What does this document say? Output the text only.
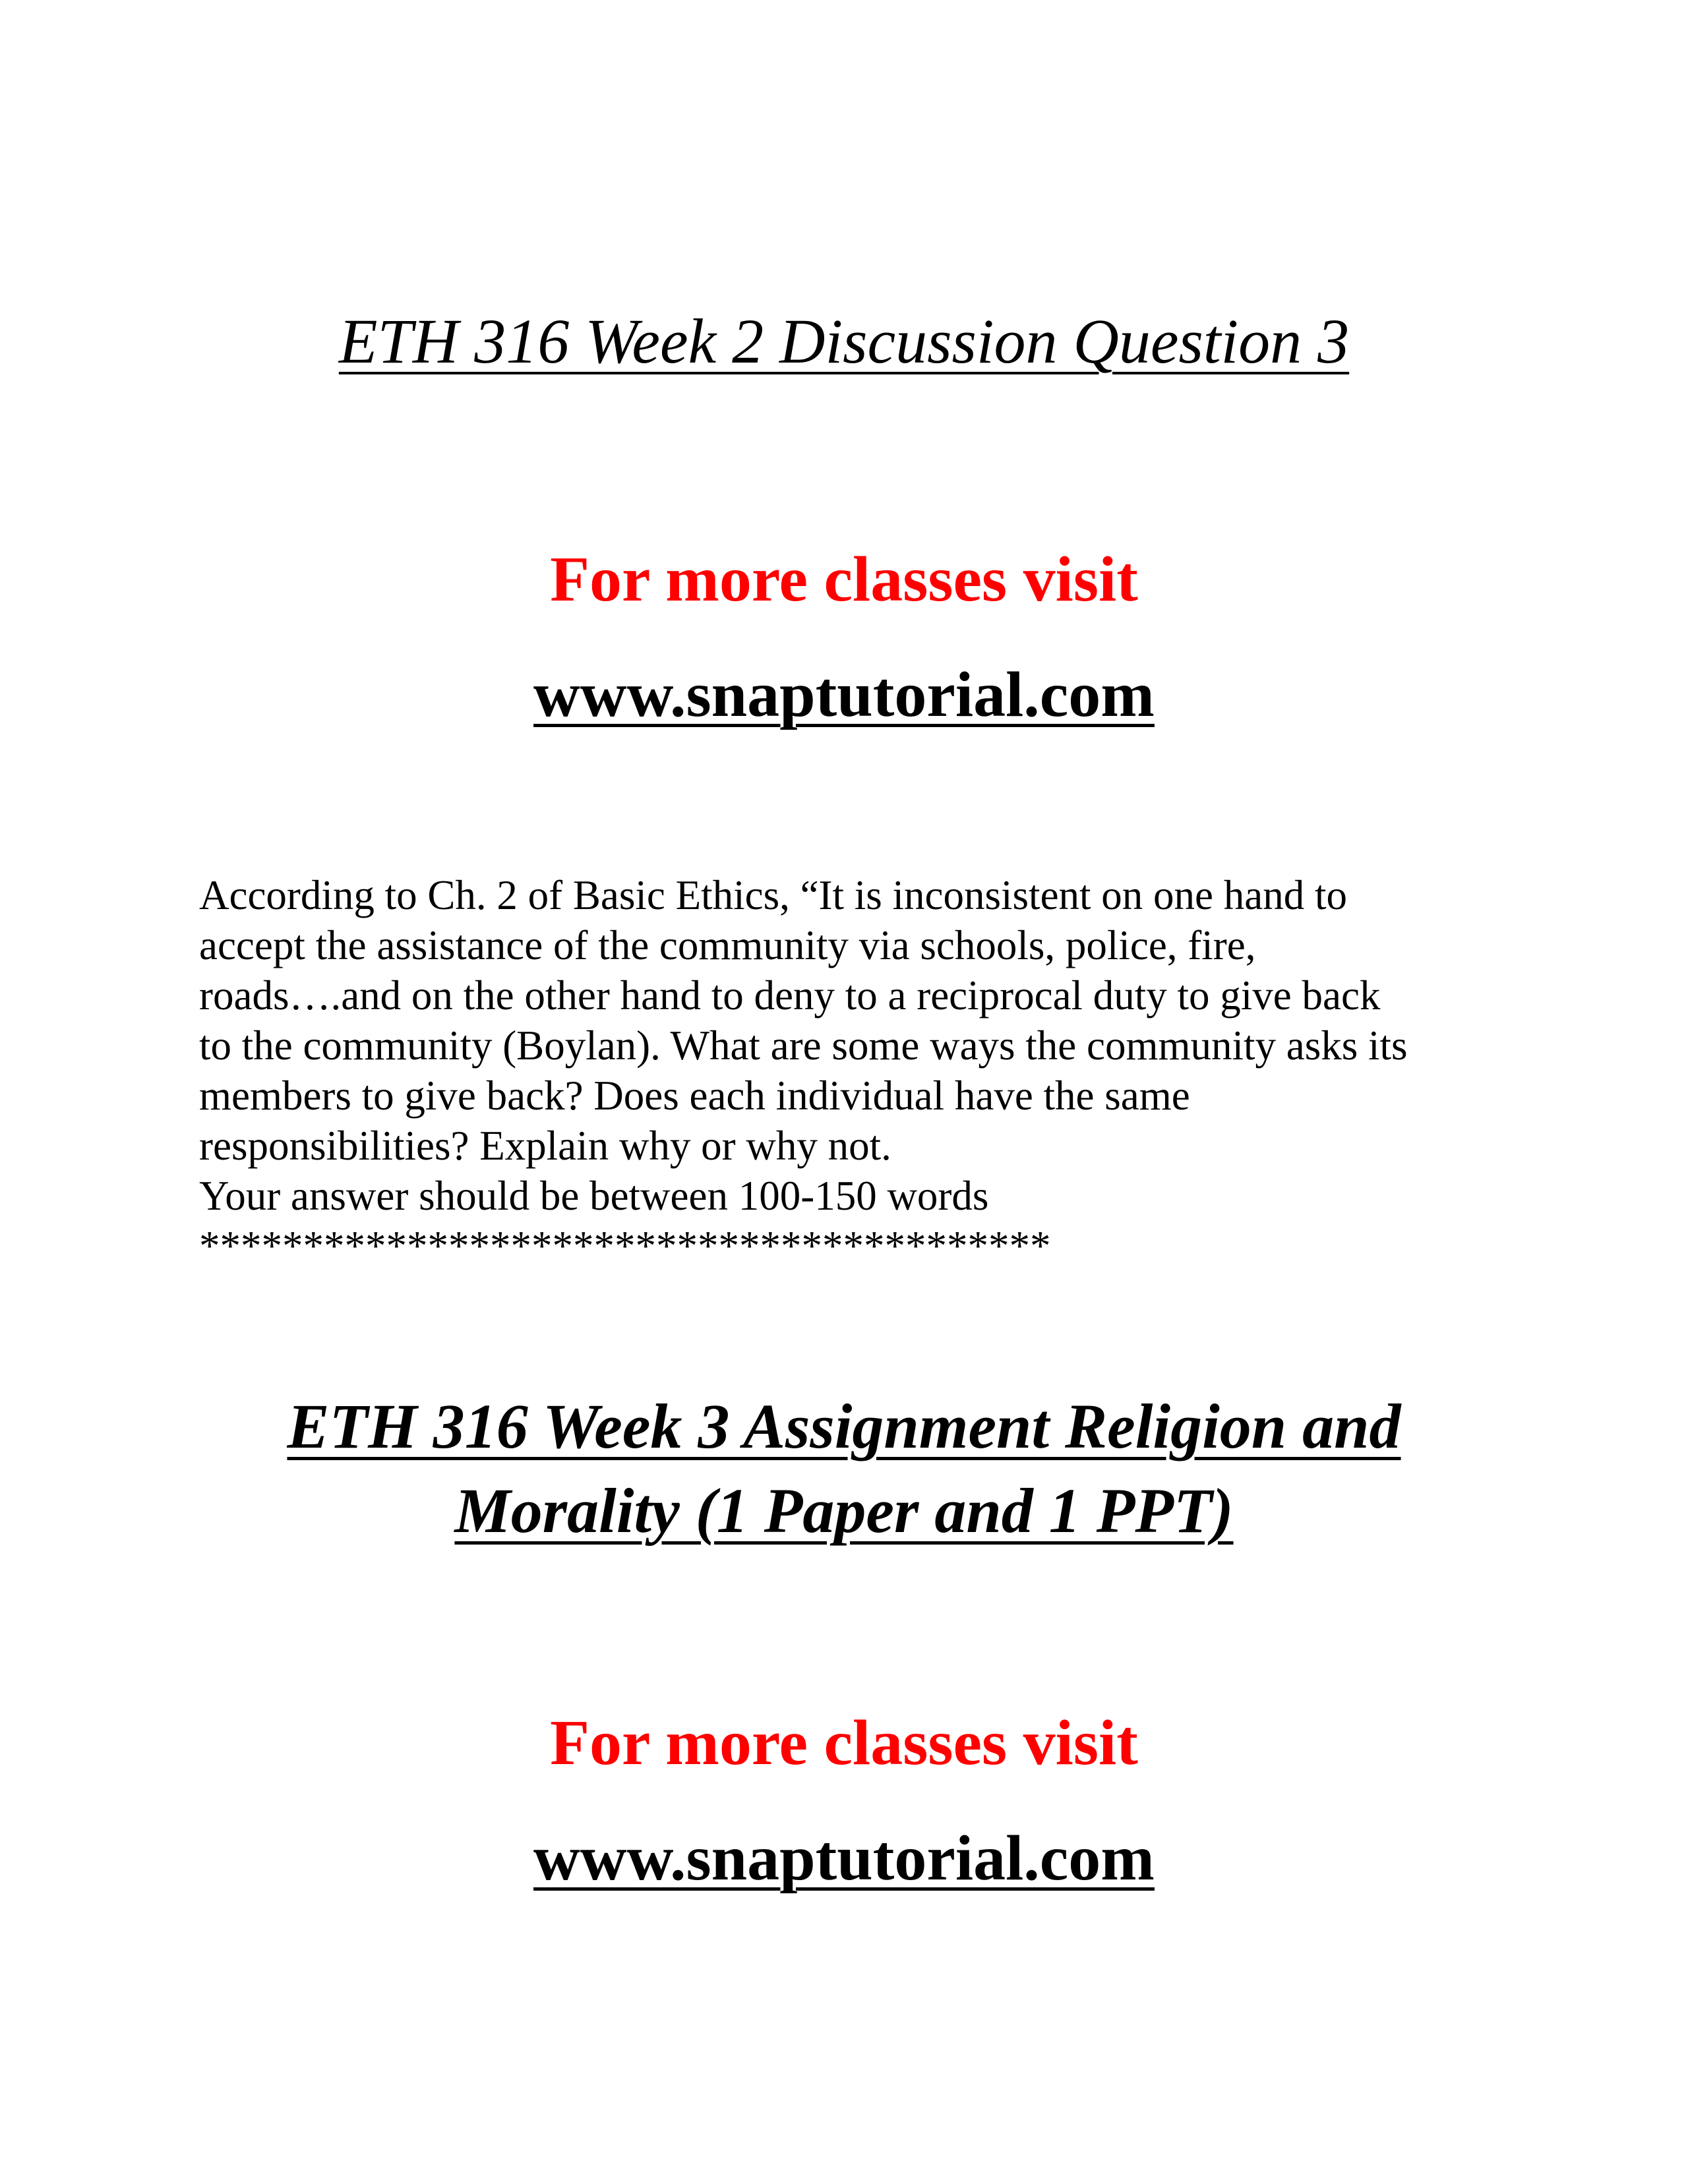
ETH 316 Week 2 Discussion Question 3
For more classes visit
www.snaptutorial.com
According to Ch. 2 of Basic Ethics, “It is inconsistent on one hand to
accept the assistance of the community via schools, police, fire,
roads….and on the other hand to deny to a reciprocal duty to give back
to the community (Boylan). What are some ways the community asks its
members to give back? Does each individual have the same
responsibilities? Explain why or why not.
Your answer should be between 100-150 words
*****************************************
ETH 316 Week 3 Assignment Religion and
Morality (1 Paper and 1 PPT)
For more classes visit
www.snaptutorial.com
